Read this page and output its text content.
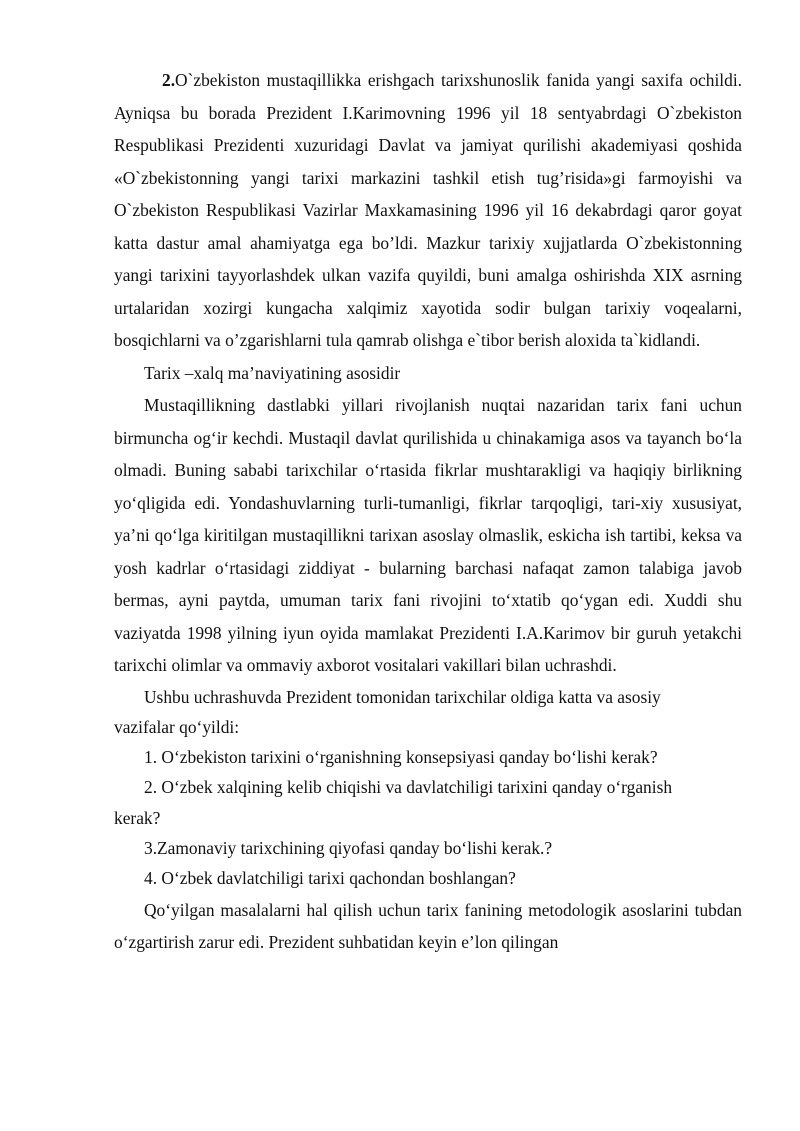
2.O`zbekiston mustaqillikka erishgach tarixshunoslik fanida yangi saxifa ochildi. Ayniqsa bu borada Prezident I.Karimovning 1996 yil 18 sentyabrdagi O`zbekiston Respublikasi Prezidenti xuzuridagi Davlat va jamiyat qurilishi akademiyasi qoshida «O`zbekistonning yangi tarixi markazini tashkil etish tug’risida»gi farmoyishi va O`zbekiston Respublikasi Vazirlar Maxkamasining 1996 yil 16 dekabrdagi qaror goyat katta dastur amal ahamiyatga ega bo’ldi. Mazkur tarixiy xujjatlarda O`zbekistonning yangi tarixini tayyorlashdek ulkan vazifa quyildi, buni amalga oshirishda XIX asrning urtalaridan xozirgi kungacha xalqimiz xayotida sodir bulgan tarixiy voqealarni, bosqichlarni va o’zgarishlarni tula qamrab olishga e`tibor berish aloxida ta`kidlandi.

Tarix –xalq ma’naviyatining asosidir

Mustaqillikning dastlabki yillari rivojlanish nuqtai nazaridan tarix fani uchun birmuncha og‘ir kechdi. Mustaqil davlat qurilishida u chinakamiga asos va tayanch bo‘la olmadi. Buning sababi tarixchilar o‘rtasida fikrlar mushtarakligi va haqiqiy birlikning yo‘qligida edi. Yondashuvlarning turli-tumanligi, fikrlar tarqoqligi, tari-xiy xususiyat, ya’ni qo‘lga kiritilgan mustaqillikni tarixan asoslay olmaslik, eskicha ish tartibi, keksa va yosh kadrlar o‘rtasidagi ziddiyat - bularning barchasi nafaqat zamon talabiga javob bermas, ayni paytda, umuman tarix fani rivojini to‘xtatib qo‘ygan edi. Xuddi shu vaziyatda 1998 yilning iyun oyida mamlakat Prezidenti I.A.Karimov bir guruh yetakchi tarixchi olimlar va ommaviy axborot vositalari vakillari bilan uchrashdi.

Ushbu uchrashuvda Prezident tomonidan tarixchilar oldiga katta va asosiy

vazifalar qo‘yildi:

1. O‘zbekiston tarixini o‘rganishning konsepsiyasi qanday bo‘lishi kerak?

2. O‘zbek xalqining kelib chiqishi va davlatchiligi tarixini qanday o‘rganish

kerak?

3.Zamonaviy tarixchining qiyofasi qanday bo‘lishi kerak.?

4. O‘zbek davlatchiligi tarixi qachondan boshlangan?

Qo‘yilgan masalalarni hal qilish uchun tarix fanining metodologik asoslarini tubdan o‘zgartirish zarur edi. Prezident suhbatidan keyin e’lon qilingan
